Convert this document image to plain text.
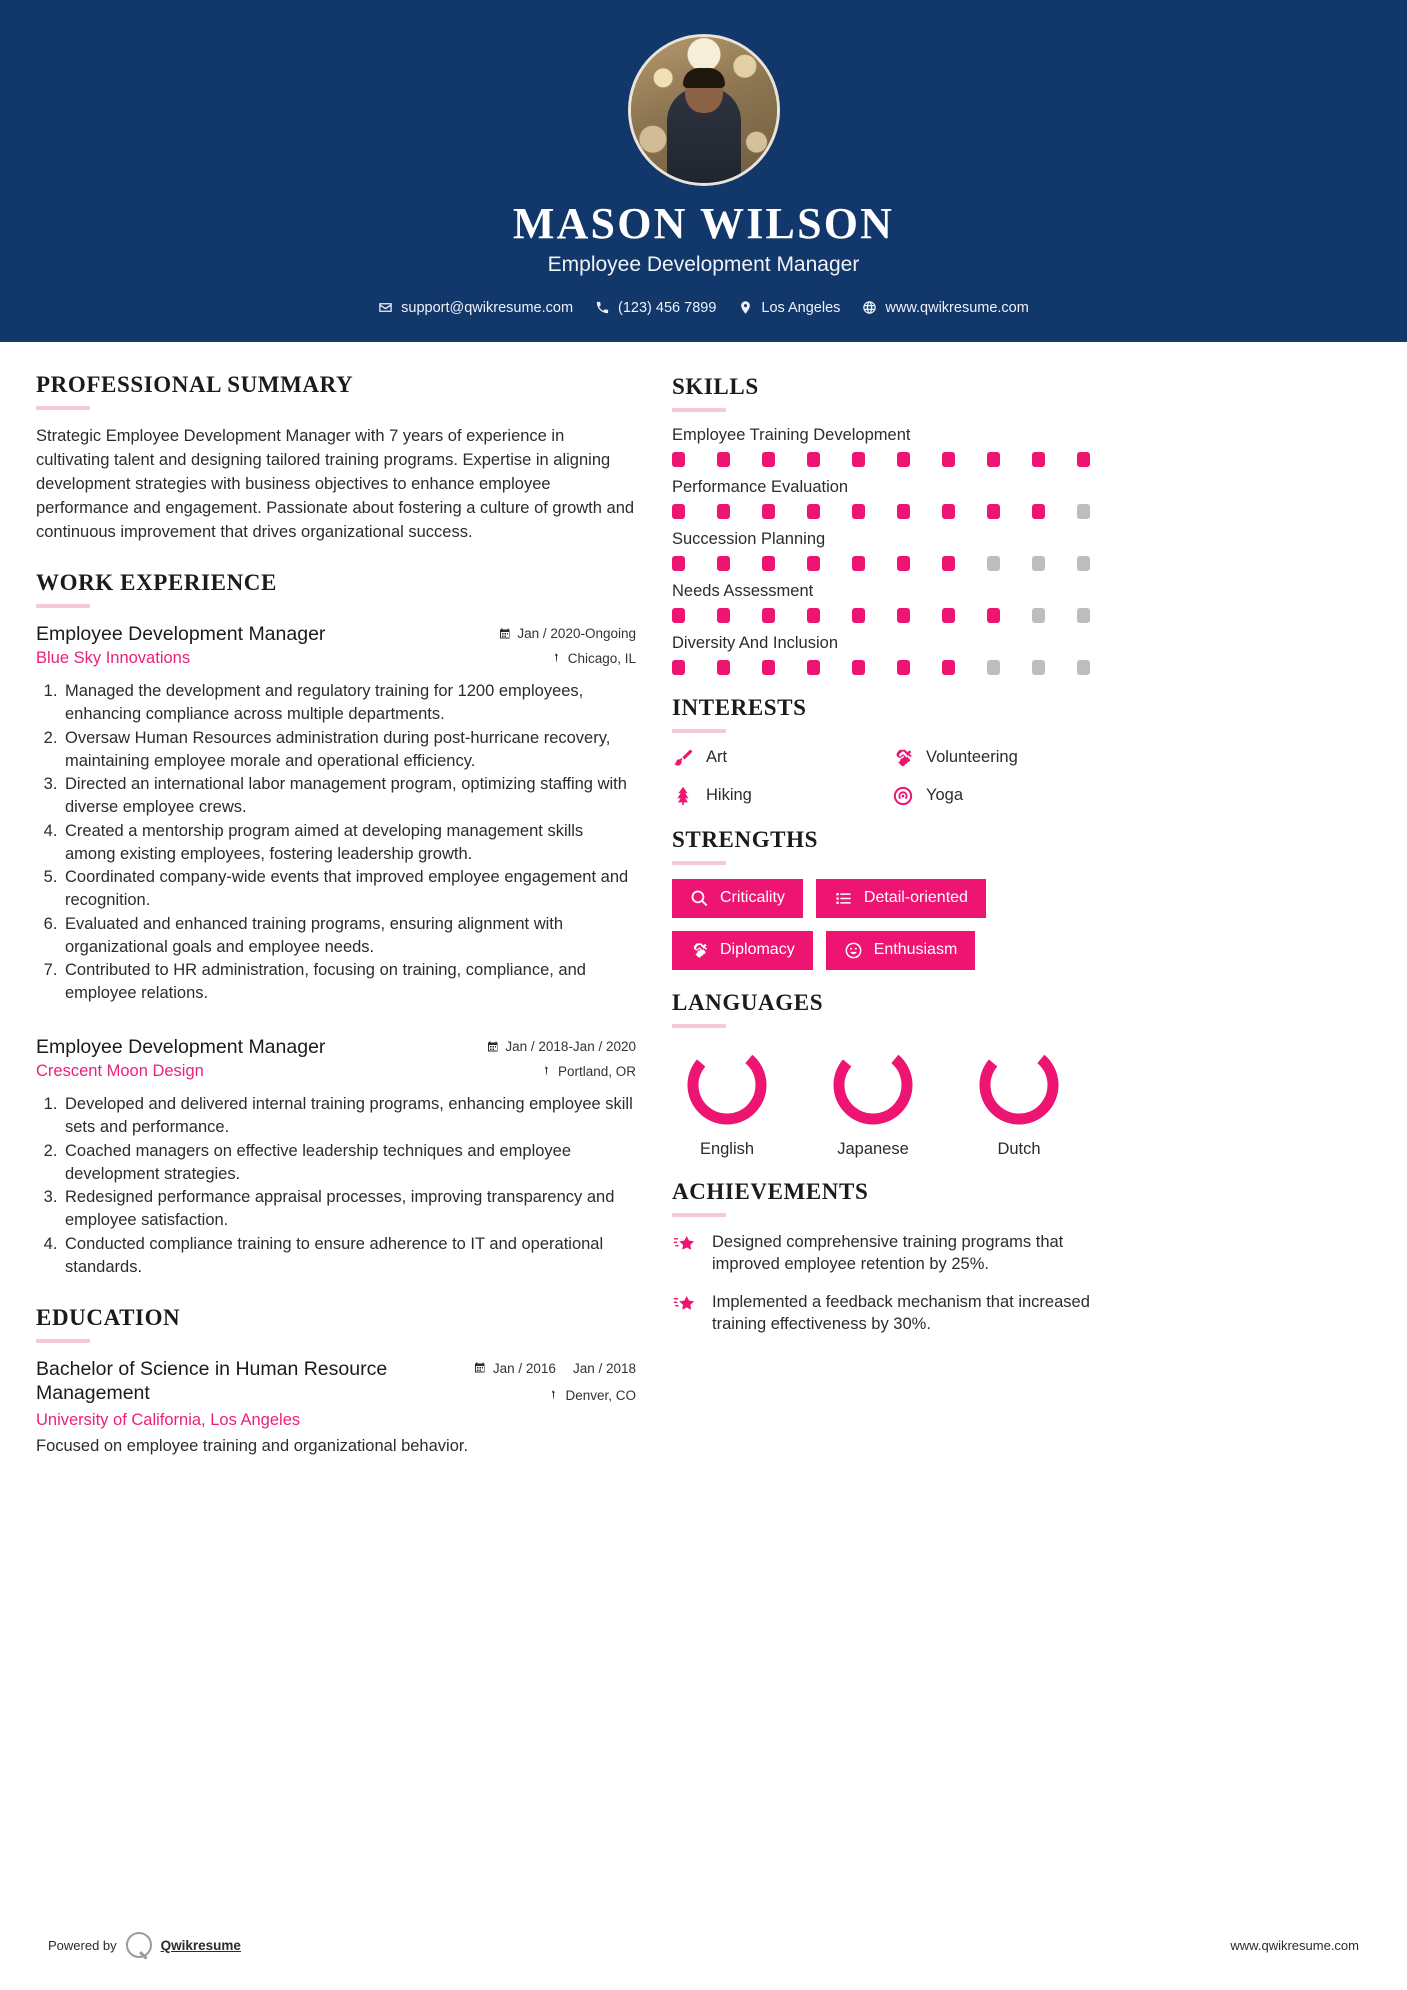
MASON WILSON
Employee Development Manager
support@qwikresume.com	(123) 456 7899	Los Angeles	www.qwikresume.com
PROFESSIONAL SUMMARY
Strategic Employee Development Manager with 7 years of experience in cultivating talent and designing tailored training programs. Expertise in aligning development strategies with business objectives to enhance employee performance and engagement. Passionate about fostering a culture of growth and continuous improvement that drives organizational success.
WORK EXPERIENCE
Employee Development Manager
Blue Sky Innovations
Jan / 2020-Ongoing
Chicago, IL
1. Managed the development and regulatory training for 1200 employees, enhancing compliance across multiple departments.
2. Oversaw Human Resources administration during post-hurricane recovery, maintaining employee morale and operational efficiency.
3. Directed an international labor management program, optimizing staffing with diverse employee crews.
4. Created a mentorship program aimed at developing management skills among existing employees, fostering leadership growth.
5. Coordinated company-wide events that improved employee engagement and recognition.
6. Evaluated and enhanced training programs, ensuring alignment with organizational goals and employee needs.
7. Contributed to HR administration, focusing on training, compliance, and employee relations.
Employee Development Manager
Crescent Moon Design
Jan / 2018-Jan / 2020
Portland, OR
1. Developed and delivered internal training programs, enhancing employee skill sets and performance.
2. Coached managers on effective leadership techniques and employee development strategies.
3. Redesigned performance appraisal processes, improving transparency and employee satisfaction.
4. Conducted compliance training to ensure adherence to IT and operational standards.
EDUCATION
Bachelor of Science in Human Resource Management
Jan / 2016 Jan / 2018
Denver, CO
University of California, Los Angeles
Focused on employee training and organizational behavior.
SKILLS
Employee Training Development
Performance Evaluation
Succession Planning
Needs Assessment
Diversity And Inclusion
INTERESTS
Art	Volunteering
Hiking	Yoga
STRENGTHS
Criticality	Detail-oriented
Diplomacy	Enthusiasm
LANGUAGES
English	Japanese	Dutch
ACHIEVEMENTS
Designed comprehensive training programs that improved employee retention by 25%.
Implemented a feedback mechanism that increased training effectiveness by 30%.
Powered by	Qwikresume	www.qwikresume.com
